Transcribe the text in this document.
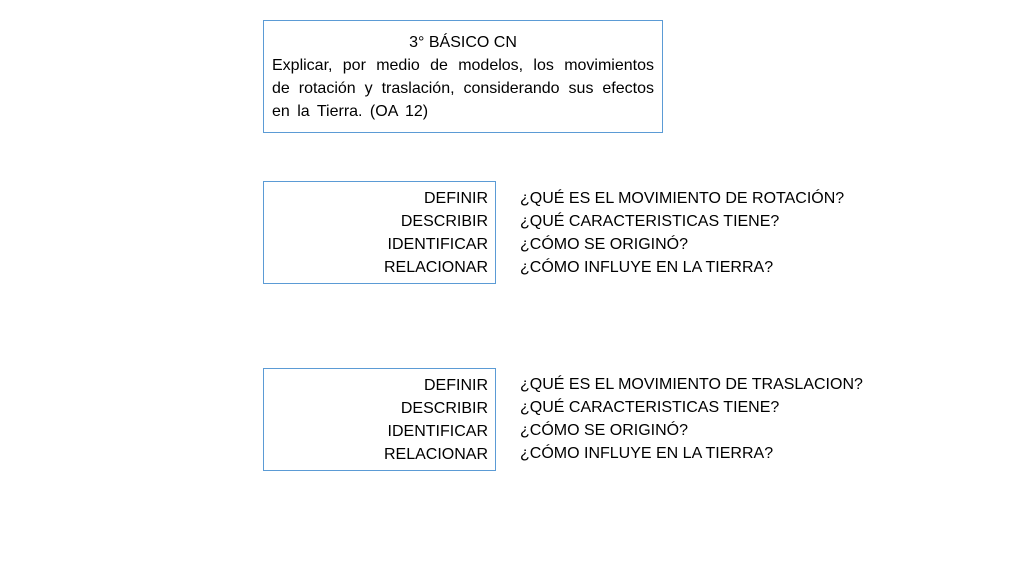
3° BÁSICO CN
Explicar, por medio de modelos, los movimientos de rotación y traslación, considerando sus efectos en la Tierra. (OA 12)
DEFINIR
DESCRIBIR
IDENTIFICAR
RELACIONAR
¿QUÉ ES EL MOVIMIENTO DE ROTACIÓN?
¿QUÉ CARACTERISTICAS TIENE?
¿CÓMO SE ORIGINÓ?
¿CÓMO INFLUYE EN LA TIERRA?
DEFINIR
DESCRIBIR
IDENTIFICAR
RELACIONAR
¿QUÉ ES EL MOVIMIENTO DE TRASLACION?
¿QUÉ CARACTERISTICAS TIENE?
¿CÓMO SE ORIGINÓ?
¿CÓMO INFLUYE EN LA TIERRA?
